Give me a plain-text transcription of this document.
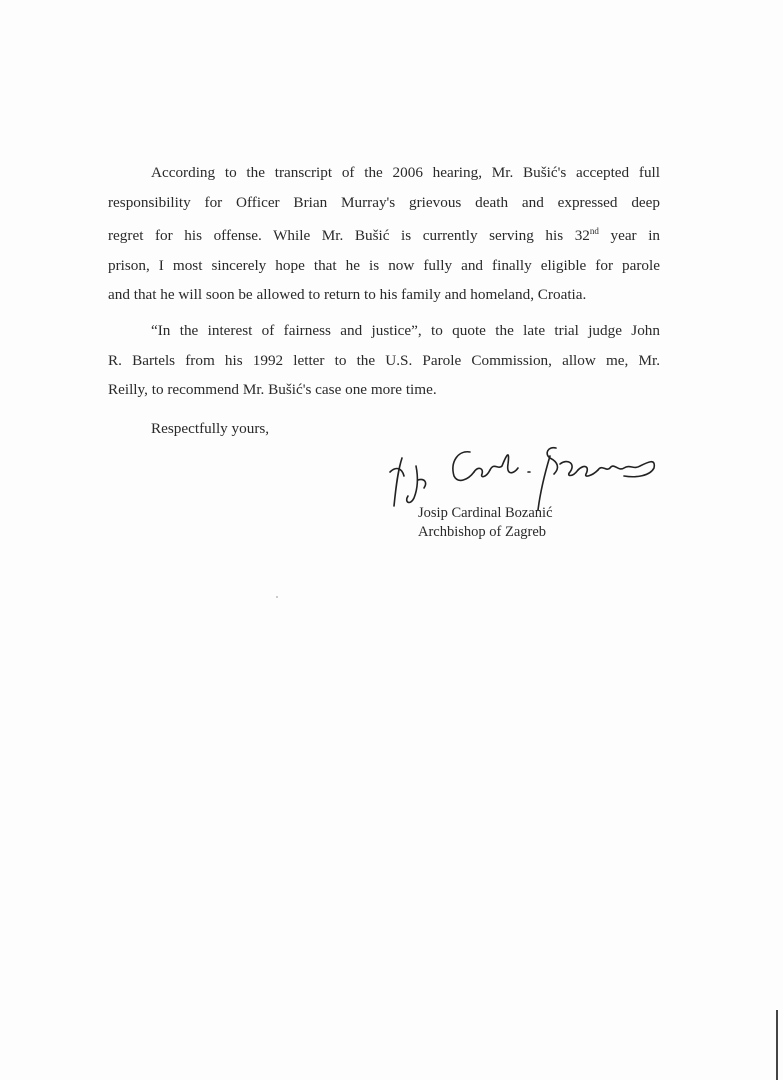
According to the transcript of the 2006 hearing, Mr. Bušić's accepted full
responsibility for Officer Brian Murray's grievous death and expressed deep
regret for his offense. While Mr. Bušić is currently serving his 32nd year in
prison, I most sincerely hope that he is now fully and finally eligible for parole
and that he will soon be allowed to return to his family and homeland, Croatia.

“In the interest of fairness and justice”, to quote the late trial judge John
R. Bartels from his 1992 letter to the U.S. Parole Commission, allow me, Mr.
Reilly, to recommend Mr. Bušić's case one more time.

Respectfully yours,

Josip Cardinal Bozanić
Archbishop of Zagreb
